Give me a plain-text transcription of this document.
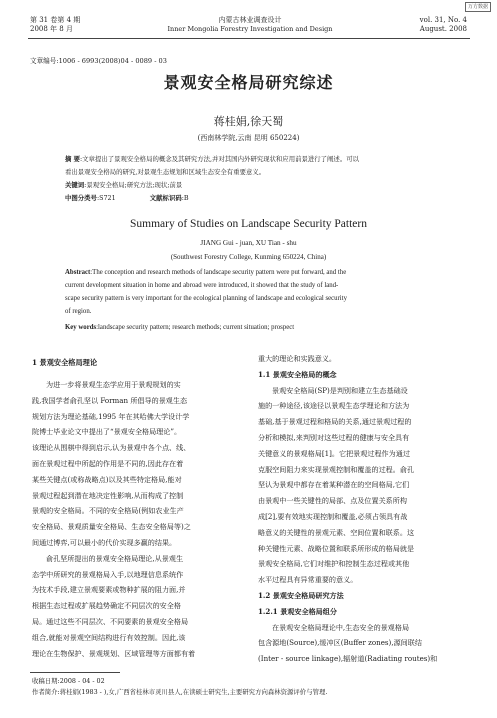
万方数据
第 31 卷第 4 期
2008 年 8 月
内蒙古林业调查设计
Inner Mongolia Forestry Investigation and Design
vol. 31, No. 4
August. 2008
文章编号:1006 - 6993(2008)04 - 0089 - 03
景观安全格局研究综述
蒋桂娟,徐天蜀
(西南林学院,云南 昆明 650224)
摘 要:文章提出了景观安全格局的概念及其研究方法,并对其国内外研究现状和应用前景进行了阐述。可以
看出景观安全格局的研究,对景观生态规划和区域生态安全有重要意义。
关键词:景观安全格局;研究方法;现状;前景
中图分类号:S721	文献标识码:B
Summary of Studies on Landscape Security Pattern
JIANG Gui - juan, XU Tian - shu
(Southwest Forestry College, Kunming 650224, China)
Abstract:The conception and research methods of landscape security pattern were put forward, and the
current development situation in home and abroad were introduced, it showed that the study of land-
scape security pattern is very important for the ecological planning of landscape and ecological security
of region.
Key words:landscape security pattern; research methods; current situation; prospect
1 景观安全格局理论
为进一步将景观生态学应用于景观规划的实
践,我国学者俞孔坚以 Forman 所倡导的景观生态
规划方法为理论基础,1995 年在其哈佛大学设计学
院博士毕业论文中提出了“景观安全格局理论”。
该理论从围棋中得到启示,认为景观中各个点、线、
面在景观过程中所起的作用是不同的,因此存在着
某些关键点(或称战略点)以及其些特定格局,能对
景观过程起到潜在地决定性影响,从而构成了控制
景观的安全格局。不同的安全格局(例如农业生产
安全格局、景观质量安全格局、生态安全格局等)之
间通过博弈,可以最小的代价实现多赢的结果。
俞孔坚所提出的景观安全格局理论,从景观生
态学中所研究的景观格局入手,以地理信息系统作
为技术手段,建立景观要素或物种扩展的阻力面,并
根据生态过程或扩展趋势确定不同层次的安全格
局。通过这些不同层次、不同要素的景观安全格局
组合,就能对景观空间结构进行有效控制。因此,该
理论在生物保护、景观规划、区域管理等方面都有着
重大的理论和实践意义。
1.1 景观安全格局的概念
景观安全格局(SP)是判别和建立生态基础设
施的一种途径,该途径以景观生态学理论和方法为
基础,基于景观过程和格局的关系,通过景观过程的
分析和模拟,来判别对这些过程的健康与安全具有
关键意义的景观格局[1]。它把景观过程作为通过
克服空间阻力来实现景观控制和覆盖的过程。俞孔
坚认为景观中都存在着某种潜在的空间格局,它们
由景观中一些关键性的局部、点及位置关系所构
成[2],要有效地实现控制和覆盖,必须占领具有战
略意义的关键性的景观元素、空间位置和联系。这
种关键性元素、战略位置和联系所形成的格局就是
景观安全格局,它们对维护和控制生态过程或其他
水平过程具有异常重要的意义。
1.2 景观安全格局研究方法
1.2.1 景观安全格局组分
在景观安全格局理论中,生态安全的景观格局
包含源地(Source),缓冲区(Buffer zones),源间联结
(Inter - source linkage),辐射道(Radiating routes)和
收稿日期:2008 - 04 - 02
作者简介:蒋桂娟(1983 - ),女,广西省桂林市灵川县人,在读硕士研究生,主要研究方向森林资源评价与管理.
